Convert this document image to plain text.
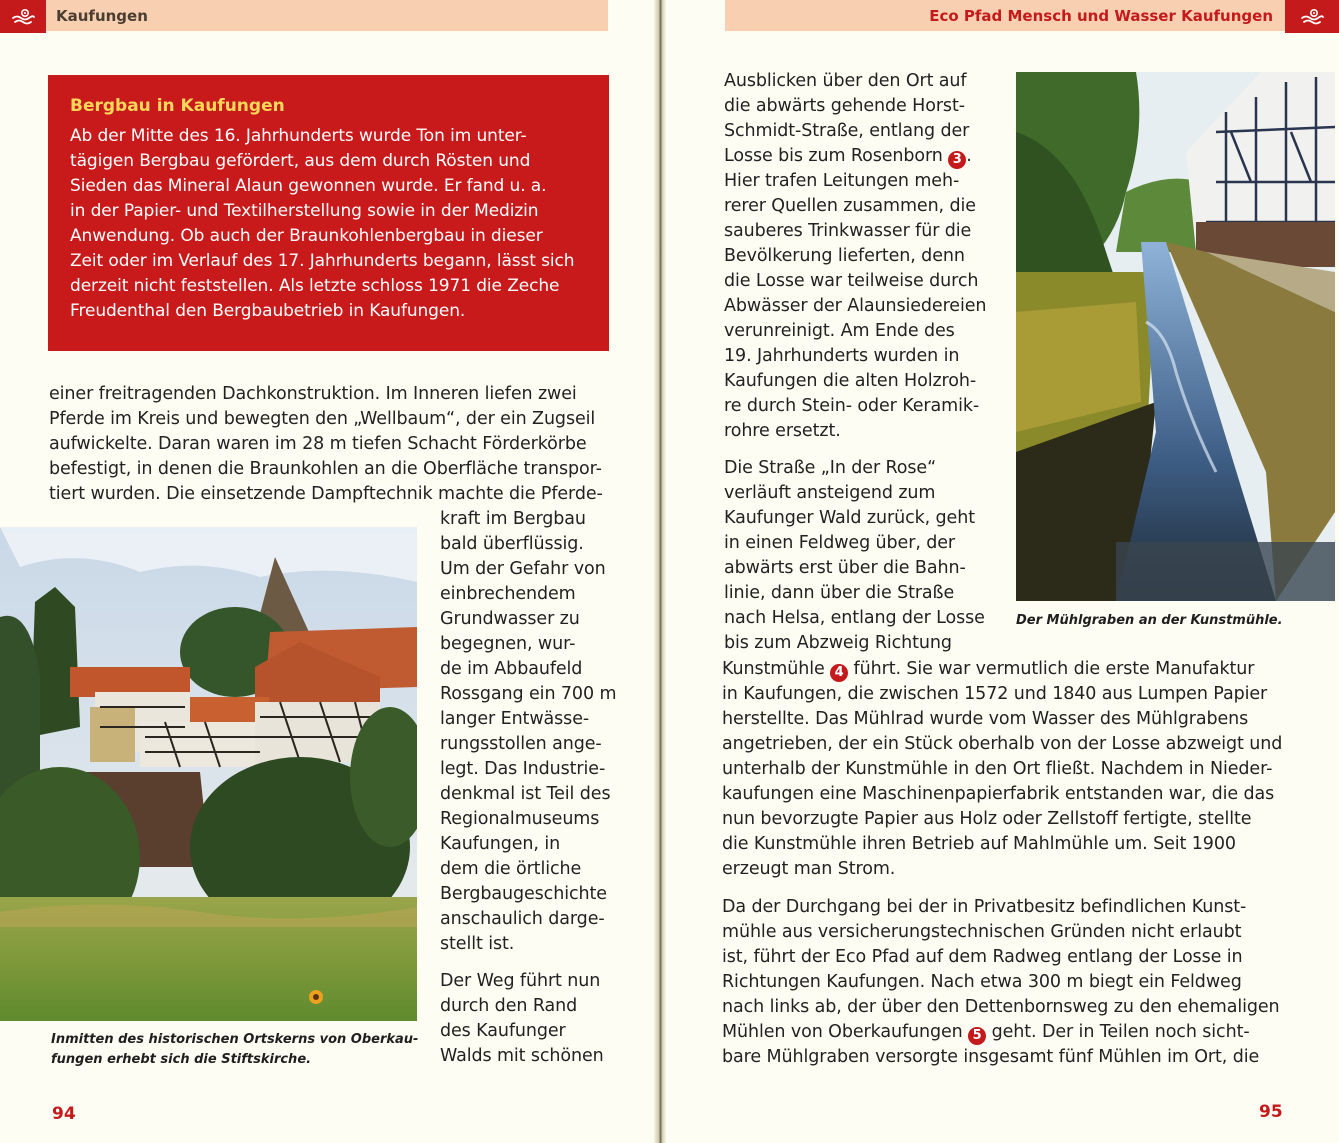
Kaufungen
Bergbau in Kaufungen

Ab der Mitte des 16. Jahrhunderts wurde Ton im unter-
tägigen Bergbau gefördert, aus dem durch Rösten und
Sieden das Mineral Alaun gewonnen wurde. Er fand u. a.
in der Papier- und Textilherstellung sowie in der Medizin
Anwendung. Ob auch der Braunkohlenbergbau in dieser
Zeit oder im Verlauf des 17. Jahrhunderts begann, lässt sich
derzeit nicht feststellen. Als letzte schloss 1971 die Zeche
Freudenthal den Bergbaubetrieb in Kaufungen.

einer freitragenden Dachkonstruktion. Im Inneren liefen zwei
Pferde im Kreis und bewegten den „Wellbaum“, der ein Zugseil
aufwickelte. Daran waren im 28 m tiefen Schacht Förderkörbe
befestigt, in denen die Braunkohlen an die Oberfläche transpor-
tiert wurden. Die einsetzende Dampftechnik machte die Pferde-
kraft im Bergbau
bald überflüssig.
Um der Gefahr von
einbrechendem
Grundwasser zu
begegnen, wur-
de im Abbaufeld
Rossgang ein 700 m
langer Entwässe-
rungsstollen ange-
legt. Das Industrie-
denkmal ist Teil des
Regionalmuseums
Kaufungen, in
dem die örtliche
Bergbaugeschichte
anschaulich darge-
stellt ist.
Der Weg führt nun
durch den Rand
des Kaufunger
Walds mit schönen
Inmitten des historischen Ortskerns von Oberkau-
fungen erhebt sich die Stiftskirche.
94
Eco Pfad Mensch und Wasser Kaufungen
Ausblicken über den Ort auf
die abwärts gehende Horst-
Schmidt-Straße, entlang der
Losse bis zum Rosenborn 3 .
Hier trafen Leitungen meh-
rerer Quellen zusammen, die
sauberes Trinkwasser für die
Bevölkerung lieferten, denn
die Losse war teilweise durch
Abwässer der Alaunsiedereien
verunreinigt. Am Ende des
19. Jahrhunderts wurden in
Kaufungen die alten Holzroh-
re durch Stein- oder Keramik-
rohre ersetzt.
Die Straße „In der Rose“
verläuft ansteigend zum
Kaufunger Wald zurück, geht
in einen Feldweg über, der
abwärts erst über die Bahn-
linie, dann über die Straße
nach Helsa, entlang der Losse
bis zum Abzweig Richtung
Der Mühlgraben an der Kunstmühle.
Kunstmühle 4 führt. Sie war vermutlich die erste Manufaktur
in Kaufungen, die zwischen 1572 und 1840 aus Lumpen Papier
herstellte. Das Mühlrad wurde vom Wasser des Mühlgrabens
angetrieben, der ein Stück oberhalb von der Losse abzweigt und
unterhalb der Kunstmühle in den Ort fließt. Nachdem in Nieder-
kaufungen eine Maschinenpapierfabrik entstanden war, die das
nun bevorzugte Papier aus Holz oder Zellstoff fertigte, stellte
die Kunstmühle ihren Betrieb auf Mahlmühle um. Seit 1900
erzeugt man Strom.
Da der Durchgang bei der in Privatbesitz befindlichen Kunst-
mühle aus versicherungstechnischen Gründen nicht erlaubt
ist, führt der Eco Pfad auf dem Radweg entlang der Losse in
Richtungen Kaufungen. Nach etwa 300 m biegt ein Feldweg
nach links ab, der über den Dettenbornsweg zu den ehemaligen
Mühlen von Oberkaufungen 5 geht. Der in Teilen noch sicht-
bare Mühlgraben versorgte insgesamt fünf Mühlen im Ort, die
95
